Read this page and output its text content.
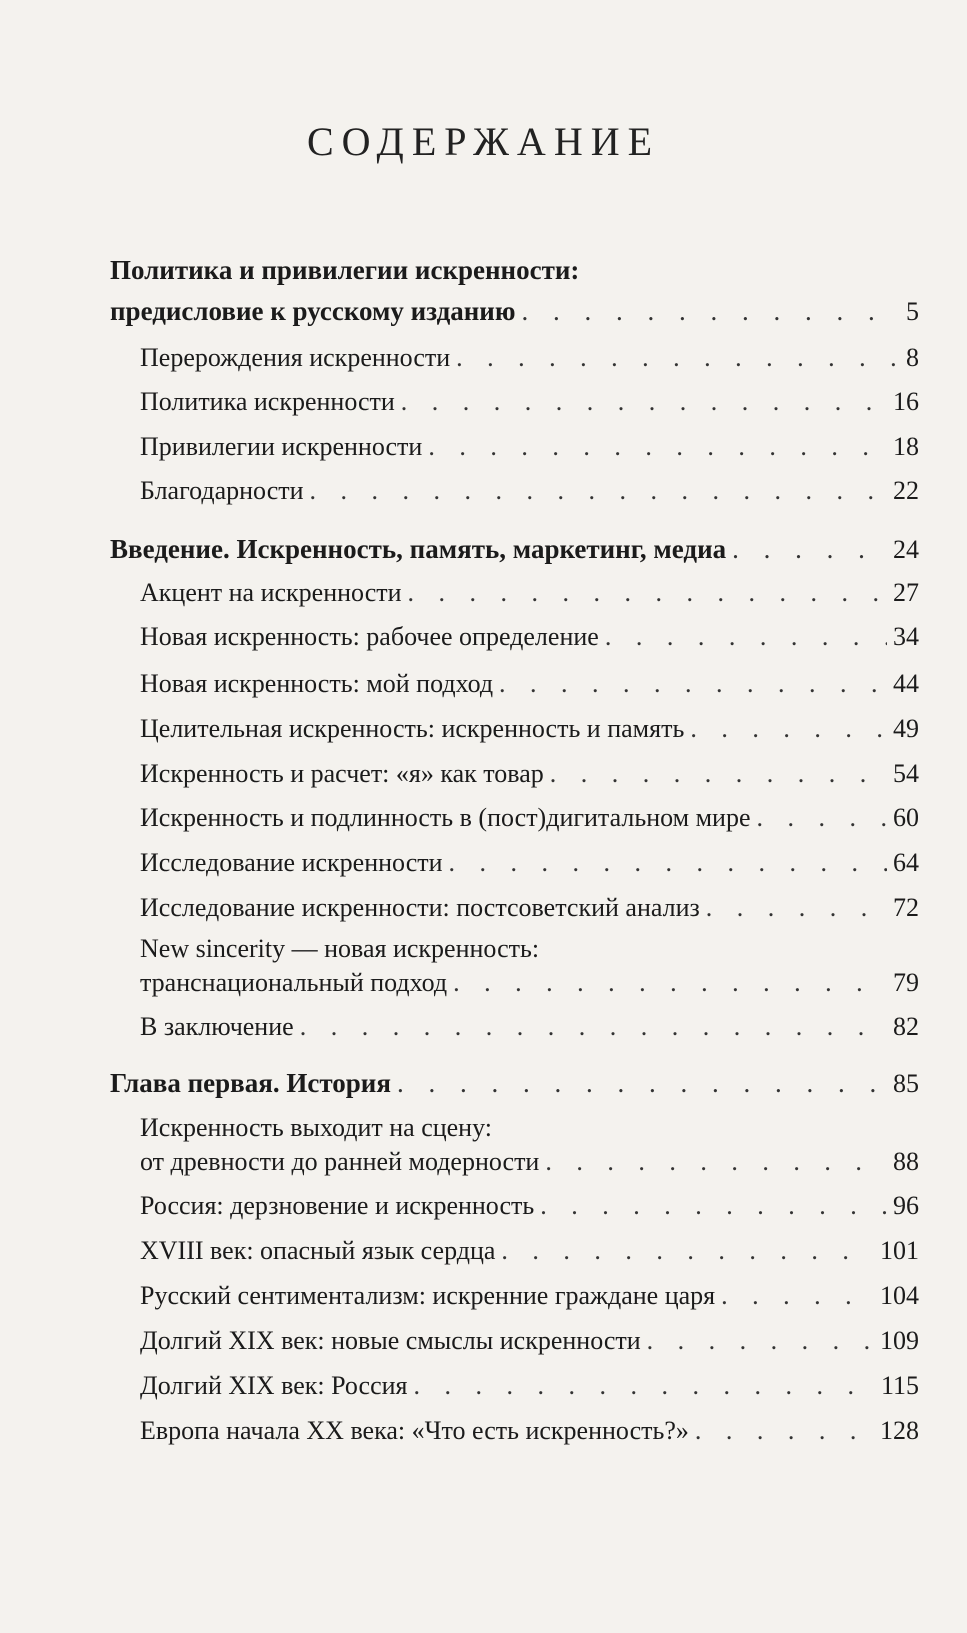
СОДЕРЖАНИЕ
Политика и привилегии искренности:
предисловие к русскому изданию . . .	5
Перерождения искренности . . .	8
Политика искренности . . .	16
Привилегии искренности . . .	18
Благодарности . . .	22
Введение. Искренность, память, маркетинг, медиа . . .	24
Акцент на искренности . . .	27
Новая искренность: рабочее определение . . .	34
Новая искренность: мой подход . . .	44
Целительная искренность: искренность и память . . .	49
Искренность и расчет: «я» как товар . . .	54
Искренность и подлинность в (пост)дигитальном мире . . .	60
Исследование искренности . . .	64
Исследование искренности: постсоветский анализ . . .	72
New sincerity — новая искренность:
транснациональный подход . . .	79
В заключение . . .	82
Глава первая. История . . .	85
Искренность выходит на сцену:
от древности до ранней модерности . . .	88
Россия: дерзновение и искренность . . .	96
XVIII век: опасный язык сердца . . .	101
Русский сентиментализм: искренние граждане царя . . .	104
Долгий XIX век: новые смыслы искренности . . .	109
Долгий XIX век: Россия . . .	115
Европа начала XX века: «Что есть искренность?» . . .	128
